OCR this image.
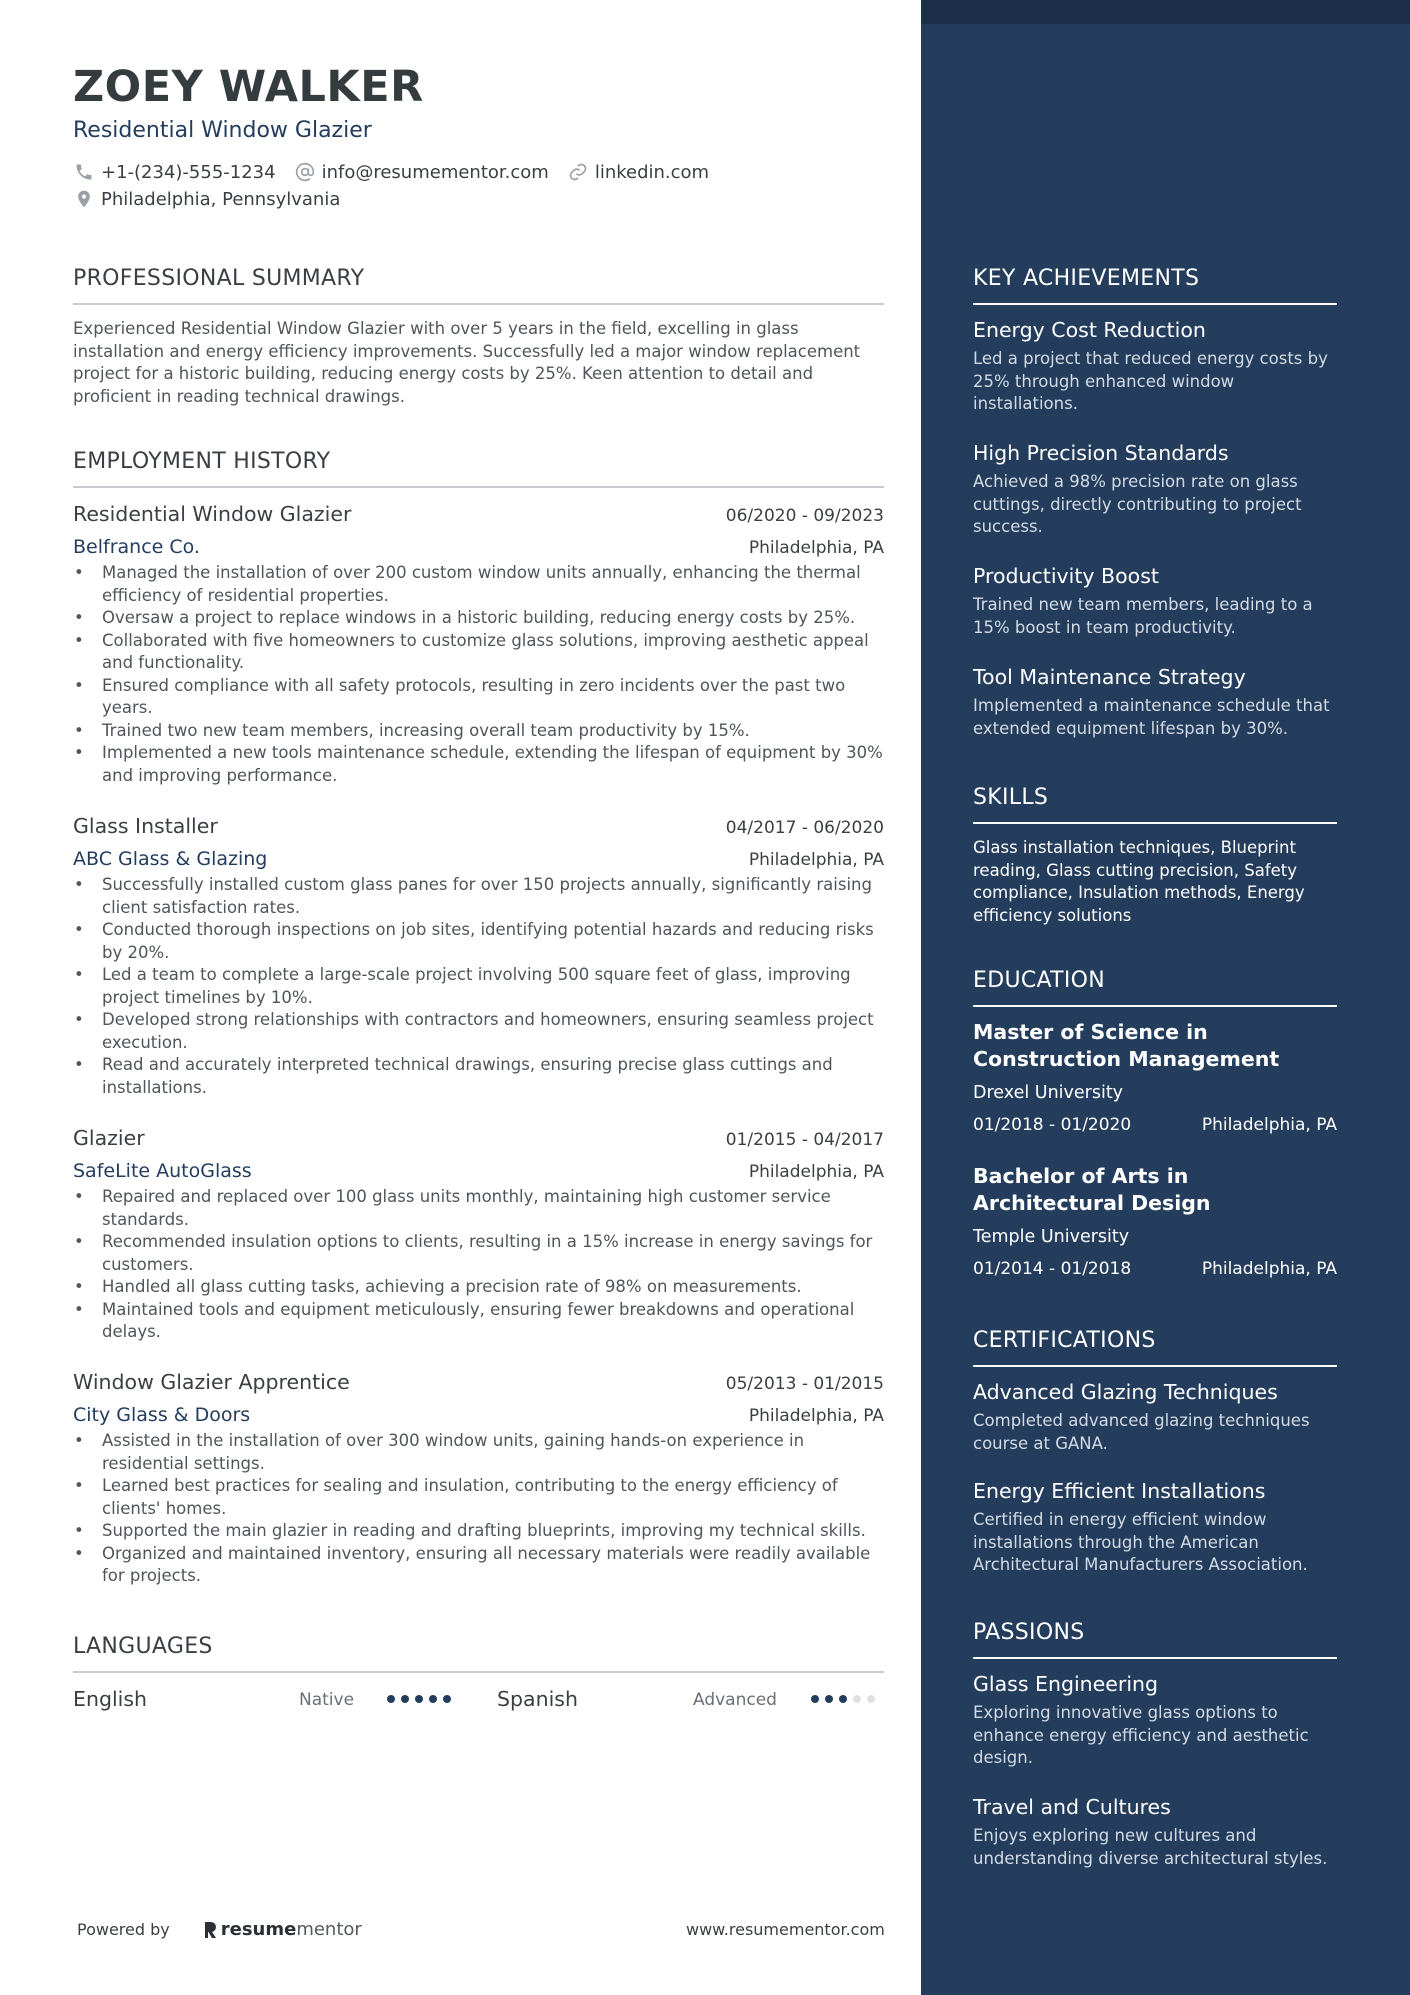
ZOEY WALKER
Residential Window Glazier
+1-(234)-555-1234	info@resumementor.com	linkedin.com
Philadelphia, Pennsylvania
PROFESSIONAL SUMMARY
Experienced Residential Window Glazier with over 5 years in the field, excelling in glass installation and energy efficiency improvements. Successfully led a major window replacement project for a historic building, reducing energy costs by 25%. Keen attention to detail and proficient in reading technical drawings.
EMPLOYMENT HISTORY
Residential Window Glazier	06/2020 - 09/2023
Belfrance Co.	Philadelphia, PA
• Managed the installation of over 200 custom window units annually, enhancing the thermal efficiency of residential properties.
• Oversaw a project to replace windows in a historic building, reducing energy costs by 25%.
• Collaborated with five homeowners to customize glass solutions, improving aesthetic appeal and functionality.
• Ensured compliance with all safety protocols, resulting in zero incidents over the past two years.
• Trained two new team members, increasing overall team productivity by 15%.
• Implemented a new tools maintenance schedule, extending the lifespan of equipment by 30% and improving performance.
Glass Installer	04/2017 - 06/2020
ABC Glass & Glazing	Philadelphia, PA
• Successfully installed custom glass panes for over 150 projects annually, significantly raising client satisfaction rates.
• Conducted thorough inspections on job sites, identifying potential hazards and reducing risks by 20%.
• Led a team to complete a large-scale project involving 500 square feet of glass, improving project timelines by 10%.
• Developed strong relationships with contractors and homeowners, ensuring seamless project execution.
• Read and accurately interpreted technical drawings, ensuring precise glass cuttings and installations.
Glazier	01/2015 - 04/2017
SafeLite AutoGlass	Philadelphia, PA
• Repaired and replaced over 100 glass units monthly, maintaining high customer service standards.
• Recommended insulation options to clients, resulting in a 15% increase in energy savings for customers.
• Handled all glass cutting tasks, achieving a precision rate of 98% on measurements.
• Maintained tools and equipment meticulously, ensuring fewer breakdowns and operational delays.
Window Glazier Apprentice	05/2013 - 01/2015
City Glass & Doors	Philadelphia, PA
• Assisted in the installation of over 300 window units, gaining hands-on experience in residential settings.
• Learned best practices for sealing and insulation, contributing to the energy efficiency of clients' homes.
• Supported the main glazier in reading and drafting blueprints, improving my technical skills.
• Organized and maintained inventory, ensuring all necessary materials were readily available for projects.
LANGUAGES
English	Native	Spanish	Advanced
Powered by	resume mentor	www.resumementor.com
KEY ACHIEVEMENTS
Energy Cost Reduction
Led a project that reduced energy costs by 25% through enhanced window installations.
High Precision Standards
Achieved a 98% precision rate on glass cuttings, directly contributing to project success.
Productivity Boost
Trained new team members, leading to a 15% boost in team productivity.
Tool Maintenance Strategy
Implemented a maintenance schedule that extended equipment lifespan by 30%.
SKILLS
Glass installation techniques, Blueprint reading, Glass cutting precision, Safety compliance, Insulation methods, Energy efficiency solutions
EDUCATION
Master of Science in Construction Management
Drexel University
01/2018 - 01/2020	Philadelphia, PA
Bachelor of Arts in Architectural Design
Temple University
01/2014 - 01/2018	Philadelphia, PA
CERTIFICATIONS
Advanced Glazing Techniques
Completed advanced glazing techniques course at GANA.
Energy Efficient Installations
Certified in energy efficient window installations through the American Architectural Manufacturers Association.
PASSIONS
Glass Engineering
Exploring innovative glass options to enhance energy efficiency and aesthetic design.
Travel and Cultures
Enjoys exploring new cultures and understanding diverse architectural styles.
